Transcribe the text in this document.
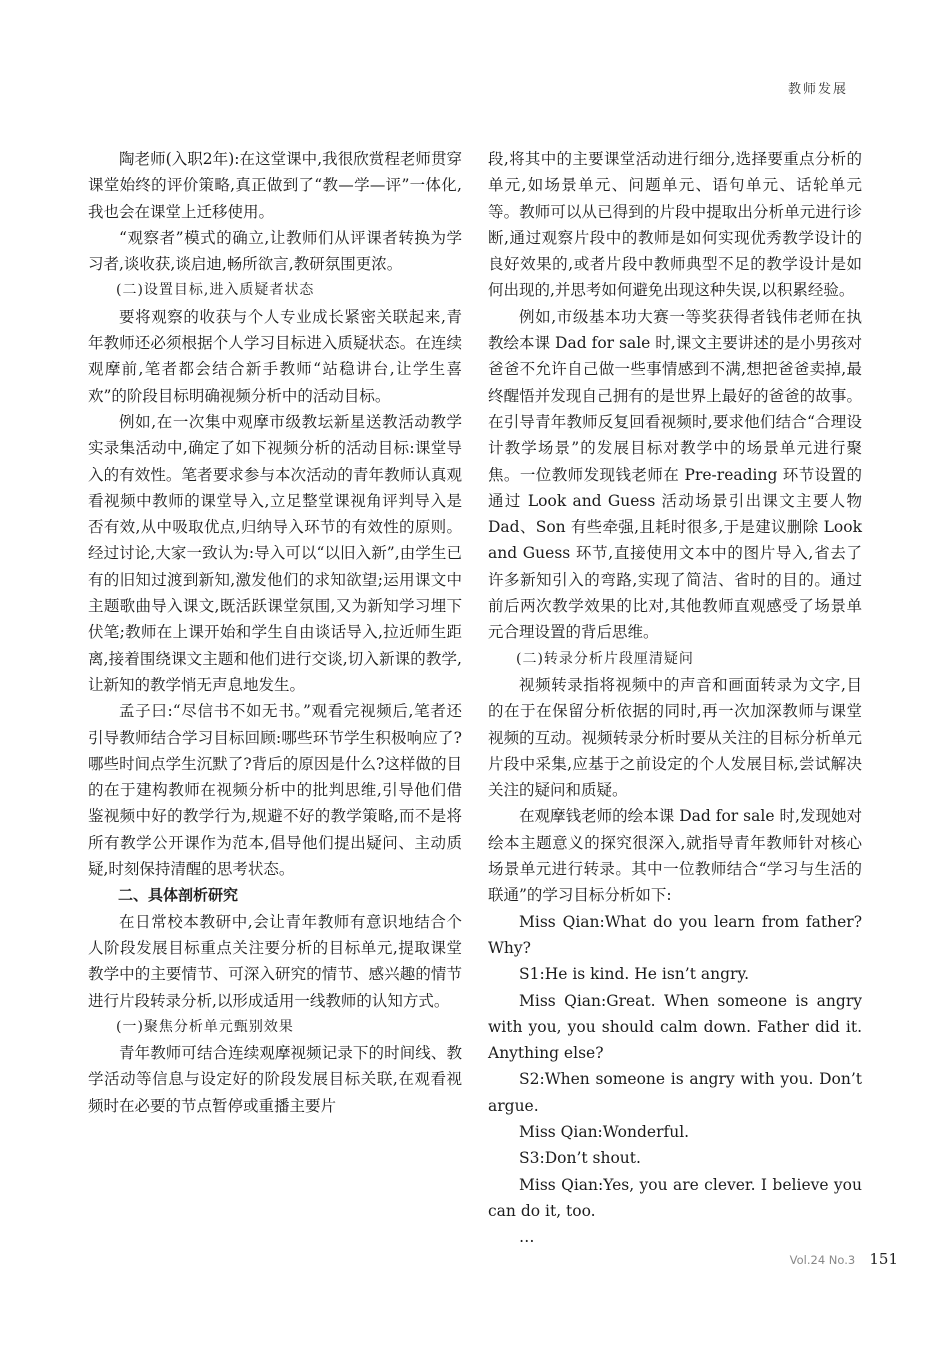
教师发展

陶老师(入职2年):在这堂课中,我很欣赏程老师贯穿课堂始终的评价策略,真正做到了“教—学—评”一体化,我也会在课堂上迁移使用。

“观察者”模式的确立,让教师们从评课者转换为学习者,谈收获,谈启迪,畅所欲言,教研氛围更浓。

(二)设置目标,进入质疑者状态

要将观察的收获与个人专业成长紧密关联起来,青年教师还必须根据个人学习目标进入质疑状态。在连续观摩前,笔者都会结合新手教师“站稳讲台,让学生喜欢”的阶段目标明确视频分析中的活动目标。

例如,在一次集中观摩市级教坛新星送教活动教学实录集活动中,确定了如下视频分析的活动目标:课堂导入的有效性。笔者要求参与本次活动的青年教师认真观看视频中教师的课堂导入,立足整堂课视角评判导入是否有效,从中吸取优点,归纳导入环节的有效性的原则。经过讨论,大家一致认为:导入可以“以旧入新”,由学生已有的旧知过渡到新知,激发他们的求知欲望;运用课文中主题歌曲导入课文,既活跃课堂氛围,又为新知学习埋下伏笔;教师在上课开始和学生自由谈话导入,拉近师生距离,接着围绕课文主题和他们进行交谈,切入新课的教学,让新知的教学悄无声息地发生。

孟子曰:“尽信书不如无书。”观看完视频后,笔者还引导教师结合学习目标回顾:哪些环节学生积极响应了?哪些时间点学生沉默了?背后的原因是什么?这样做的目的在于建构教师在视频分析中的批判思维,引导他们借鉴视频中好的教学行为,规避不好的教学策略,而不是将所有教学公开课作为范本,倡导他们提出疑问、主动质疑,时刻保持清醒的思考状态。

二、具体剖析研究

在日常校本教研中,会让青年教师有意识地结合个人阶段发展目标重点关注要分析的目标单元,提取课堂教学中的主要情节、可深入研究的情节、感兴趣的情节进行片段转录分析,以形成适用一线教师的认知方式。

(一)聚焦分析单元甄别效果

青年教师可结合连续观摩视频记录下的时间线、教学活动等信息与设定好的阶段发展目标关联,在观看视频时在必要的节点暂停或重播主要片

段,将其中的主要课堂活动进行细分,选择要重点分析的单元,如场景单元、问题单元、语句单元、话轮单元等。教师可以从已得到的片段中提取出分析单元进行诊断,通过观察片段中的教师是如何实现优秀教学设计的良好效果的,或者片段中教师典型不足的教学设计是如何出现的,并思考如何避免出现这种失误,以积累经验。

例如,市级基本功大赛一等奖获得者钱伟老师在执教绘本课 Dad for sale 时,课文主要讲述的是小男孩对爸爸不允许自己做一些事情感到不满,想把爸爸卖掉,最终醒悟并发现自己拥有的是世界上最好的爸爸的故事。在引导青年教师反复回看视频时,要求他们结合“合理设计教学场景”的发展目标对教学中的场景单元进行聚焦。一位教师发现钱老师在 Pre-reading 环节设置的通过 Look and Guess 活动场景引出课文主要人物 Dad、Son 有些牵强,且耗时很多,于是建议删除 Look and Guess 环节,直接使用文本中的图片导入,省去了许多新知引入的弯路,实现了简洁、省时的目的。通过前后两次教学效果的比对,其他教师直观感受了场景单元合理设置的背后思维。

(二)转录分析片段厘清疑问

视频转录指将视频中的声音和画面转录为文字,目的在于在保留分析依据的同时,再一次加深教师与课堂视频的互动。视频转录分析时要从关注的目标分析单元片段中采集,应基于之前设定的个人发展目标,尝试解决关注的疑问和质疑。

在观摩钱老师的绘本课 Dad for sale 时,发现她对绘本主题意义的探究很深入,就指导青年教师针对核心场景单元进行转录。其中一位教师结合“学习与生活的联通”的学习目标分析如下:

Miss Qian:What do you learn from father? Why?

S1:He is kind. He isn’t angry.

Miss Qian:Great. When someone is angry with you, you should calm down. Father did it. Anything else?

S2:When someone is angry with you. Don’t argue.

Miss Qian:Wonderful.

S3:Don’t shout.

Miss Qian:Yes, you are clever. I believe you can do it, too.

…

Vol.24 No.3 151
